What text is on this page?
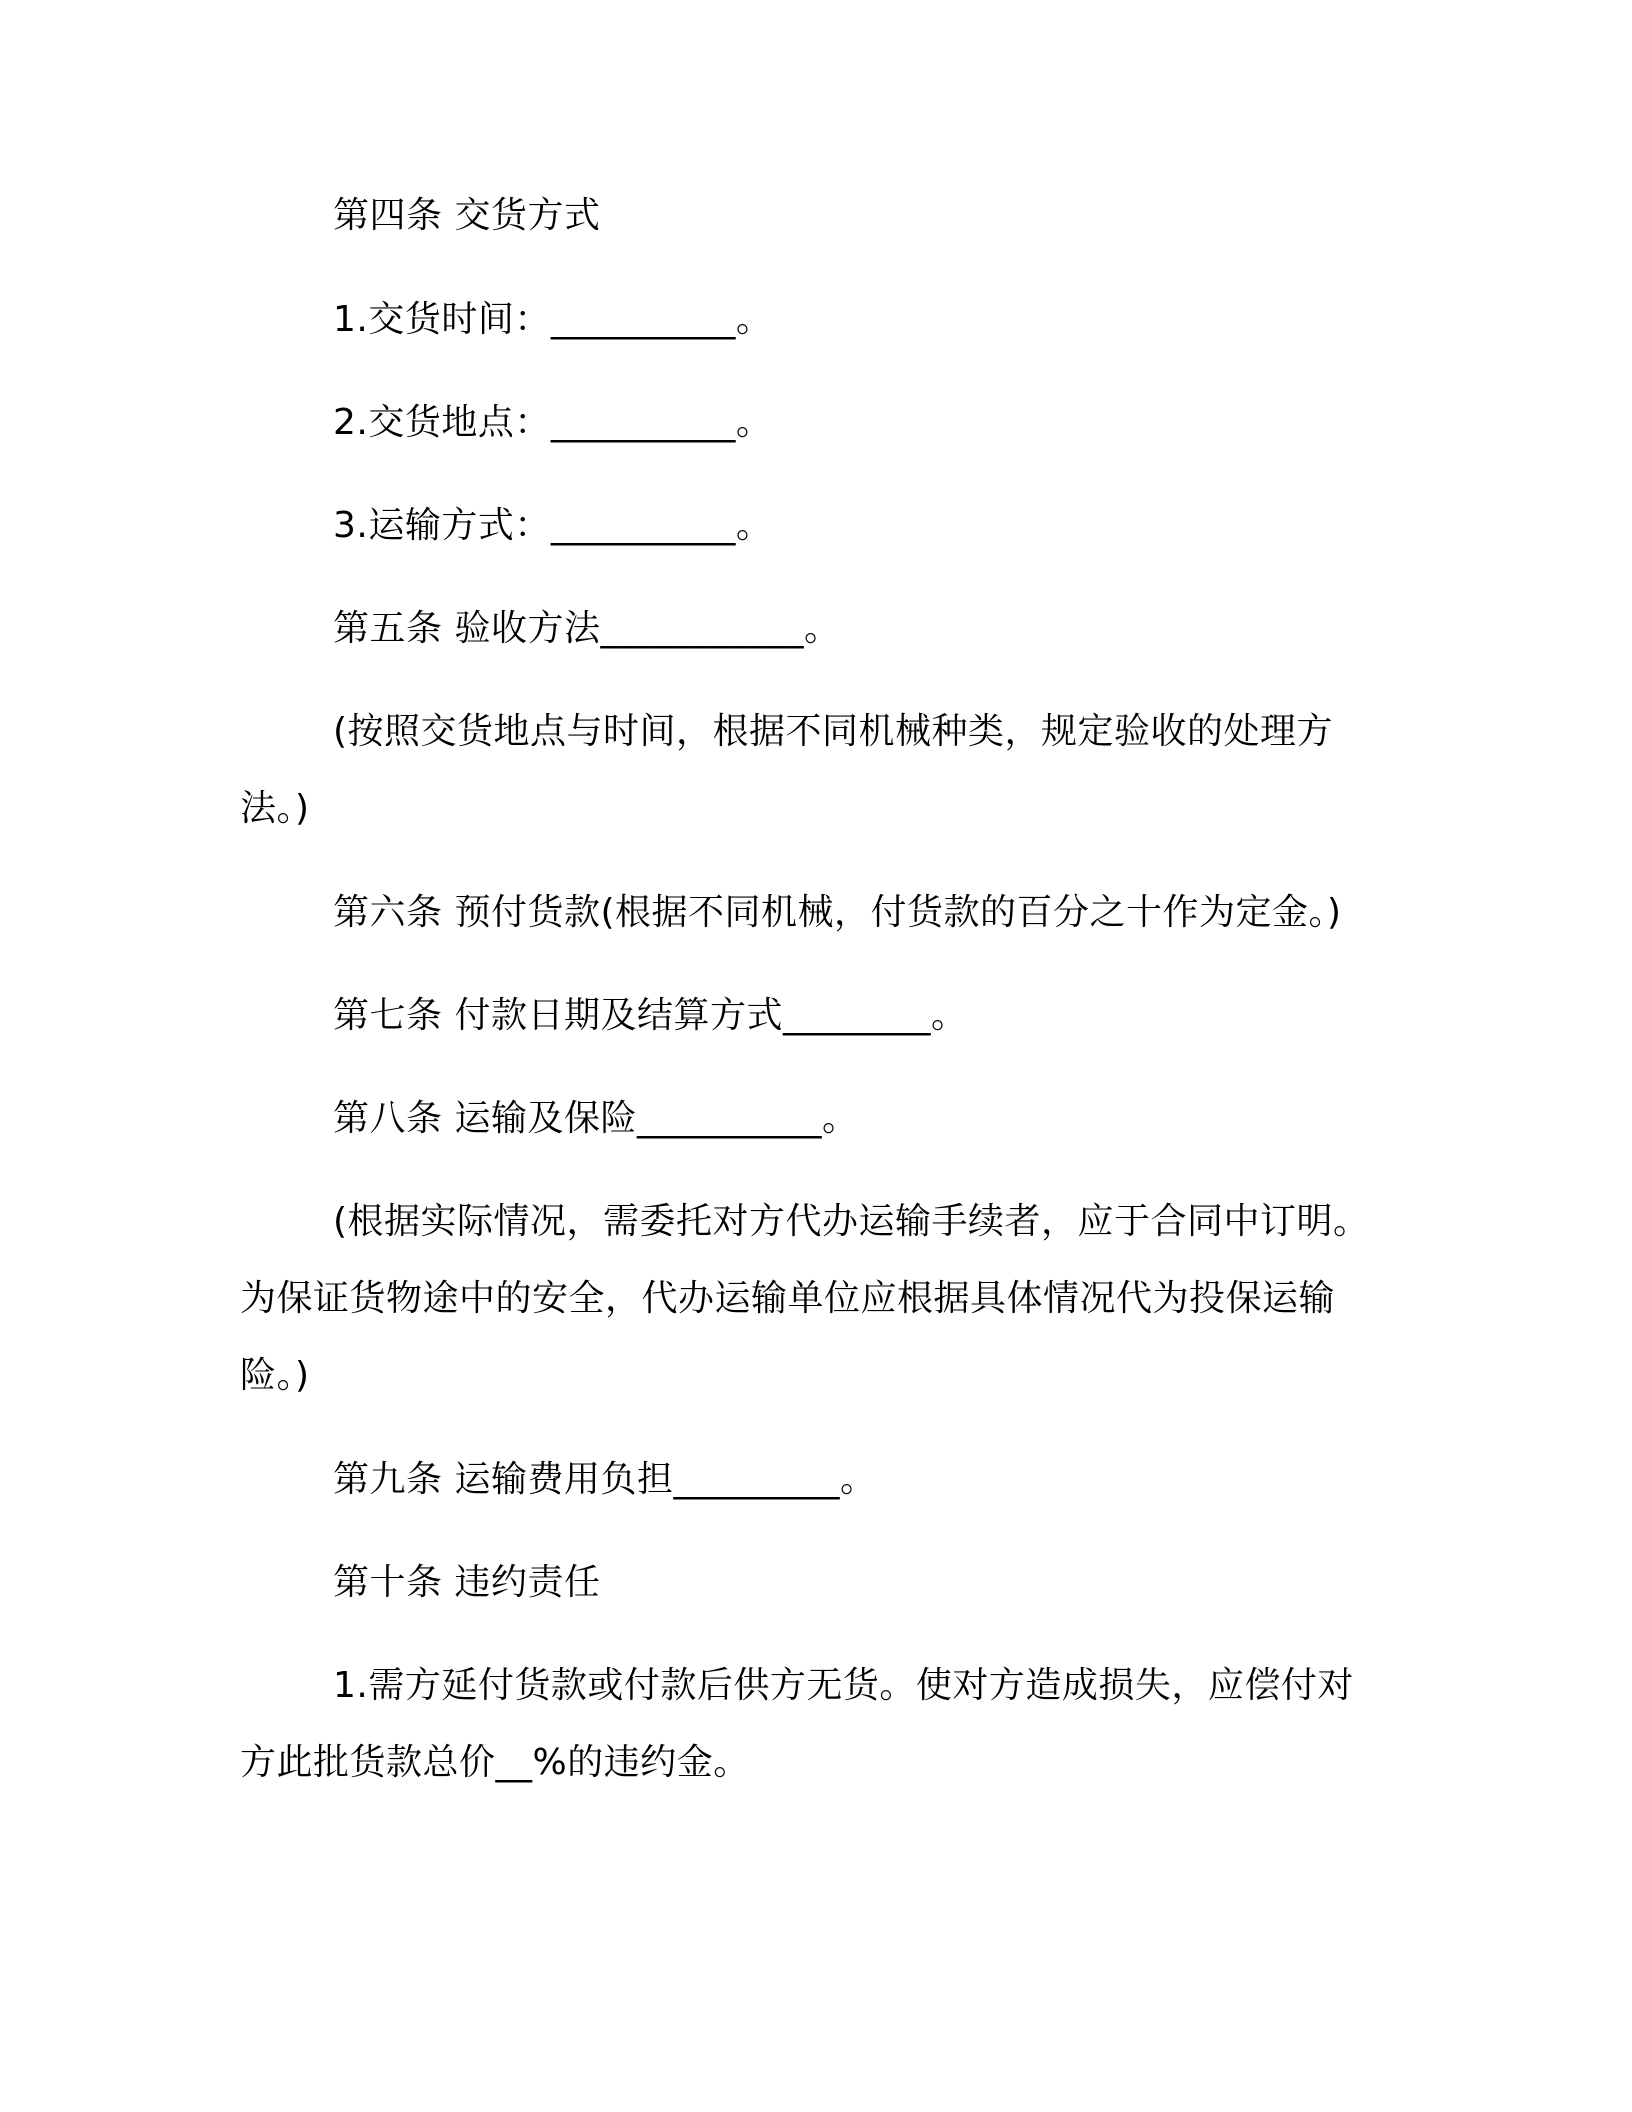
第四条 交货方式
1.交货时间：__________。
2.交货地点：__________。
3.运输方式：__________。
第五条 验收方法___________。
(按照交货地点与时间，根据不同机械种类，规定验收的处理方
法。)
第六条 预付货款(根据不同机械，付货款的百分之十作为定金。)
第七条 付款日期及结算方式________。
第八条 运输及保险__________。
(根据实际情况，需委托对方代办运输手续者，应于合同中订明。
为保证货物途中的安全，代办运输单位应根据具体情况代为投保运输
险。)
第九条 运输费用负担_________。
第十条 违约责任
1.需方延付货款或付款后供方无货。使对方造成损失，应偿付对
方此批货款总价__%的违约金。
